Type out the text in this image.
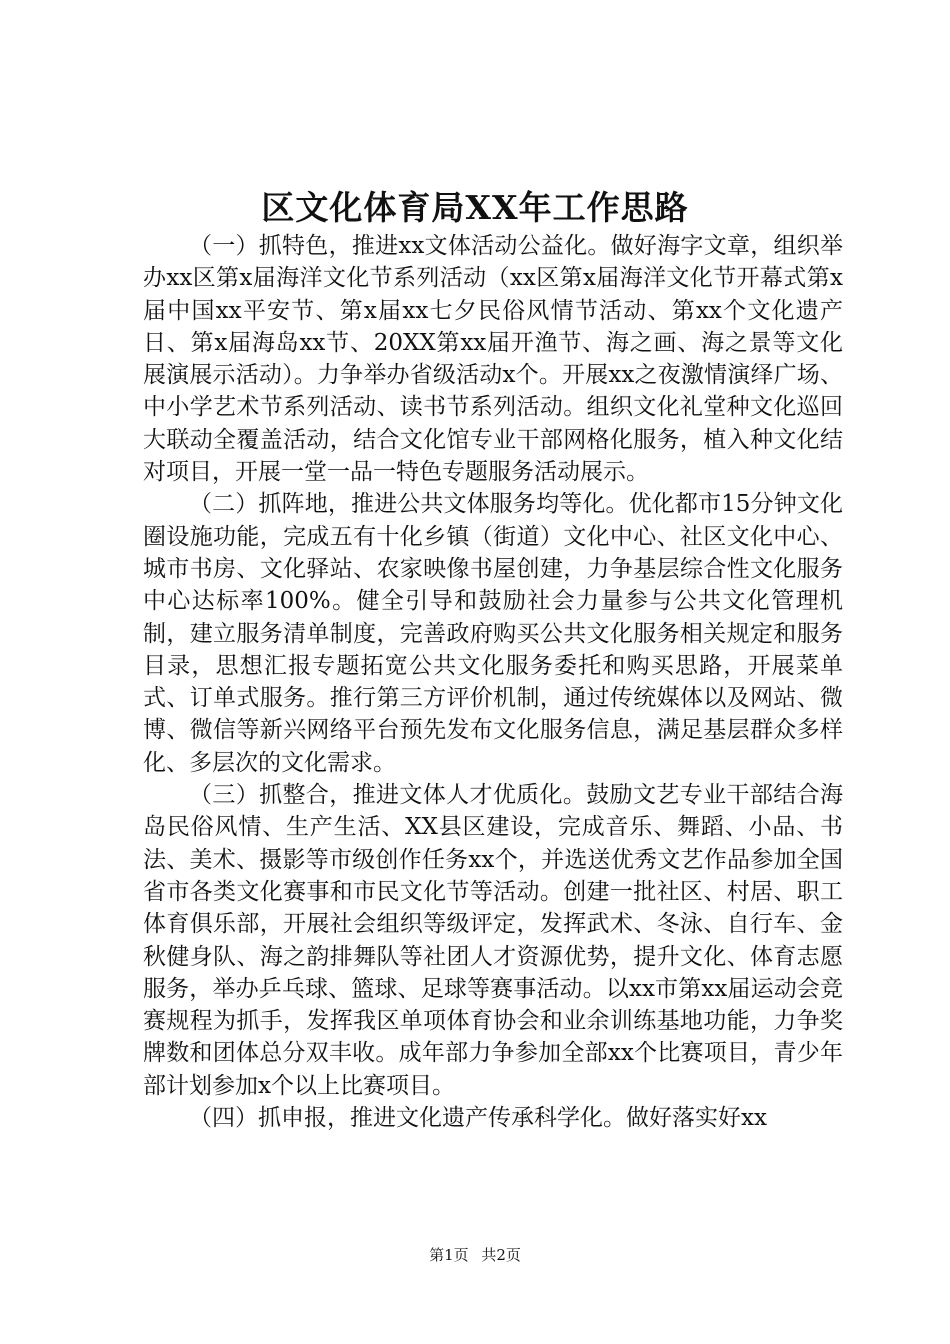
区文化体育局XX年工作思路

（一）抓特色，推进xx文体活动公益化。做好海字文章，组织举办xx区第x届海洋文化节系列活动（xx区第x届海洋文化节开幕式第x届中国xx平安节、第x届xx七夕民俗风情节活动、第xx个文化遗产日、第x届海岛xx节、20XX第xx届开渔节、海之画、海之景等文化展演展示活动）。力争举办省级活动x个。开展xx之夜激情演绎广场、中小学艺术节系列活动、读书节系列活动。组织文化礼堂种文化巡回大联动全覆盖活动，结合文化馆专业干部网格化服务，植入种文化结对项目，开展一堂一品一特色专题服务活动展示。

（二）抓阵地，推进公共文体服务均等化。优化都市15分钟文化圈设施功能，完成五有十化乡镇（街道）文化中心、社区文化中心、城市书房、文化驿站、农家映像书屋创建，力争基层综合性文化服务中心达标率100%。健全引导和鼓励社会力量参与公共文化管理机制，建立服务清单制度，完善政府购买公共文化服务相关规定和服务目录，思想汇报专题拓宽公共文化服务委托和购买思路，开展菜单式、订单式服务。推行第三方评价机制，通过传统媒体以及网站、微博、微信等新兴网络平台预先发布文化服务信息，满足基层群众多样化、多层次的文化需求。

（三）抓整合，推进文体人才优质化。鼓励文艺专业干部结合海岛民俗风情、生产生活、XX县区建设，完成音乐、舞蹈、小品、书法、美术、摄影等市级创作任务xx个，并选送优秀文艺作品参加全国省市各类文化赛事和市民文化节等活动。创建一批社区、村居、职工体育俱乐部，开展社会组织等级评定，发挥武术、冬泳、自行车、金秋健身队、海之韵排舞队等社团人才资源优势，提升文化、体育志愿服务，举办乒乓球、篮球、足球等赛事活动。以xx市第xx届运动会竞赛规程为抓手，发挥我区单项体育协会和业余训练基地功能，力争奖牌数和团体总分双丰收。成年部力争参加全部xx个比赛项目，青少年部计划参加x个以上比赛项目。

（四）抓申报，推进文化遗产传承科学化。做好落实好xx

第1页 共2页
